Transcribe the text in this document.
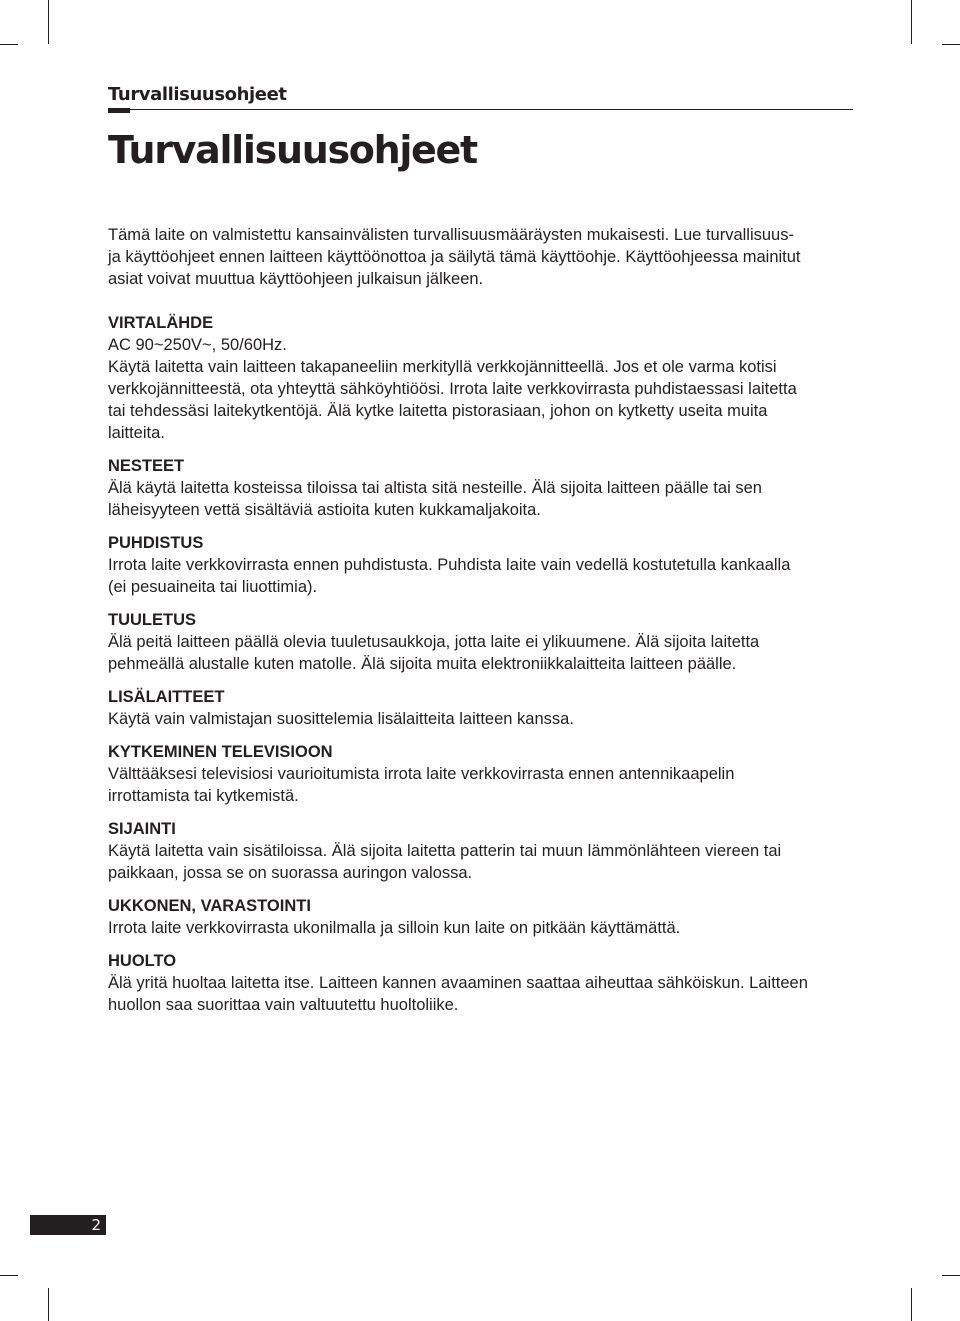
Turvallisuusohjeet
Turvallisuusohjeet
Tämä laite on valmistettu kansainvälisten turvallisuusmääräysten mukaisesti. Lue turvallisuus-
ja käyttöohjeet ennen laitteen käyttöönottoa ja säilytä tämä käyttöohje. Käyttöohjeessa mainitut
asiat voivat muuttua käyttöohjeen julkaisun jälkeen.
VIRTALÄHDE
AC 90~250V~, 50/60Hz.
Käytä laitetta vain laitteen takapaneeliin merkityllä verkkojännitteellä. Jos et ole varma kotisi
verkkojännitteestä, ota yhteyttä sähköyhtiöösi. Irrota laite verkkovirrasta puhdistaessasi laitetta
tai tehdessäsi laitekytkentöjä. Älä kytke laitetta pistorasiaan, johon on kytketty useita muita
laitteita.
NESTEET
Älä käytä laitetta kosteissa tiloissa tai altista sitä nesteille. Älä sijoita laitteen päälle tai sen
läheisyyteen vettä sisältäviä astioita kuten kukkamaljakoita.
PUHDISTUS
Irrota laite verkkovirrasta ennen puhdistusta. Puhdista laite vain vedellä kostutetulla kankaalla
(ei pesuaineita tai liuottimia).
TUULETUS
Älä peitä laitteen päällä olevia tuuletusaukkoja, jotta laite ei ylikuumene. Älä sijoita laitetta
pehmeällä alustalle kuten matolle. Älä sijoita muita elektroniikkalaitteita laitteen päälle.
LISÄLAITTEET
Käytä vain valmistajan suosittelemia lisälaitteita laitteen kanssa.
KYTKEMINEN TELEVISIOON
Välttääksesi televisiosi vaurioitumista irrota laite verkkovirrasta ennen antennikaapelin
irrottamista tai kytkemistä.
SIJAINTI
Käytä laitetta vain sisätiloissa. Älä sijoita laitetta patterin tai muun lämmönlähteen viereen tai
paikkaan, jossa se on suorassa auringon valossa.
UKKONEN, VARASTOINTI
Irrota laite verkkovirrasta ukonilmalla ja silloin kun laite on pitkään käyttämättä.
HUOLTO
Älä yritä huoltaa laitetta itse. Laitteen kannen avaaminen saattaa aiheuttaa sähköiskun. Laitteen
huollon saa suorittaa vain valtuutettu huoltoliike.
2
